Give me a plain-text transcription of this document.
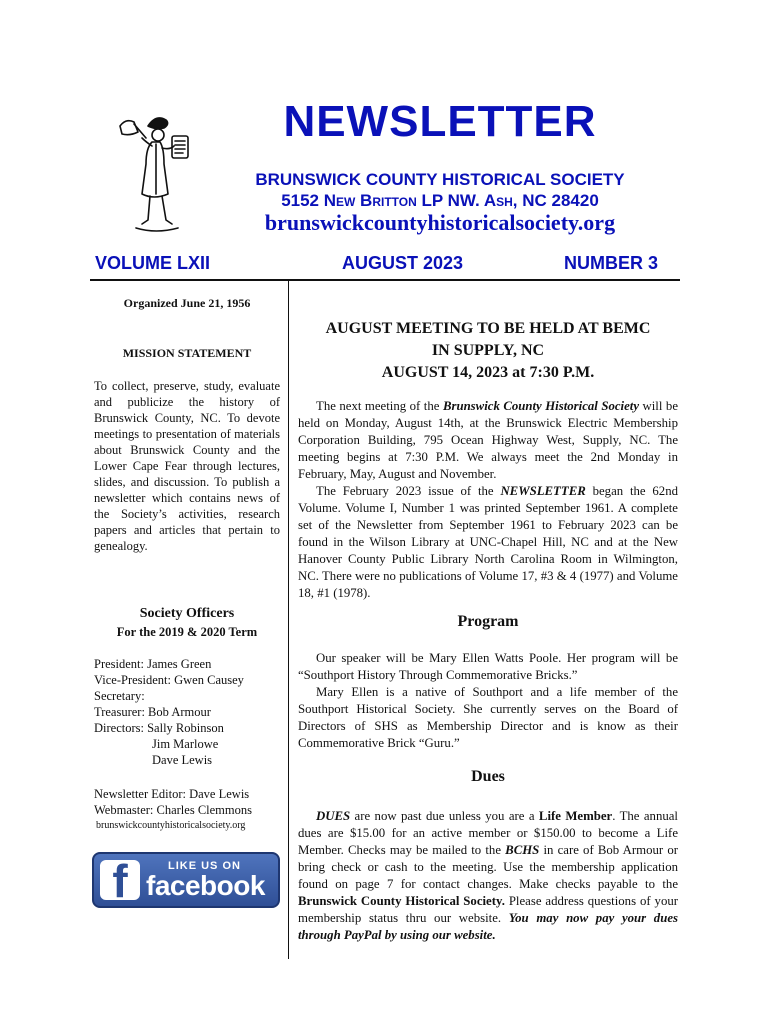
NEWSLETTER
BRUNSWICK COUNTY HISTORICAL SOCIETY
5152 New Britton LP NW. Ash, NC 28420
brunswickcountyhistoricalsociety.org
VOLUME LXII	AUGUST 2023	NUMBER 3
Organized June 21, 1956
MISSION STATEMENT
To collect, preserve, study, evaluate and publicize the history of Brunswick County, NC. To devote meetings to presentation of materials about Brunswick County and the Lower Cape Fear through lectures, slides, and discussion. To publish a newsletter which contains news of the Society’s activities, research papers and articles that pertain to genealogy.
Society Officers
For the 2019 & 2020 Term
President: James Green
Vice-President: Gwen Causey
Secretary:
Treasurer: Bob Armour
Directors: Sally Robinson
Jim Marlowe
Dave Lewis
Newsletter Editor: Dave Lewis
Webmaster: Charles Clemmons
brunswickcountyhistoricalsociety.org
f	LIKE US ON
facebook
AUGUST MEETING TO BE HELD AT BEMC
IN SUPPLY, NC
AUGUST 14, 2023 at 7:30 P.M.

The next meeting of the Brunswick County Historical Society will be held on Monday, August 14th, at the Brunswick Electric Membership Corporation Building, 795 Ocean Highway West, Supply, NC. The meeting begins at 7:30 P.M. We always meet the 2nd Monday in February, May, August and November.

The February 2023 issue of the NEWSLETTER began the 62nd Volume. Volume I, Number 1 was printed September 1961. A complete set of the Newsletter from September 1961 to February 2023 can be found in the Wilson Library at UNC-Chapel Hill, NC and at the New Hanover County Public Library North Carolina Room in Wilmington, NC. There were no publications of Volume 17, #3 & 4 (1977) and Volume 18, #1 (1978).

Program

Our speaker will be Mary Ellen Watts Poole. Her program will be “Southport History Through Commemorative Bricks.”

Mary Ellen is a native of Southport and a life member of the Southport Historical Society. She currently serves on the Board of Directors of SHS as Membership Director and is know as their Commemorative Brick “Guru.”

Dues

DUES are now past due unless you are a Life Member. The annual dues are $15.00 for an active member or $150.00 to become a Life Member. Checks may be mailed to the BCHS in care of Bob Armour or bring check or cash to the meeting. Use the membership application found on page 7 for contact changes. Make checks payable to the Brunswick County Historical Society. Please address questions of your membership status thru our website. You may now pay your dues through PayPal by using our website.
